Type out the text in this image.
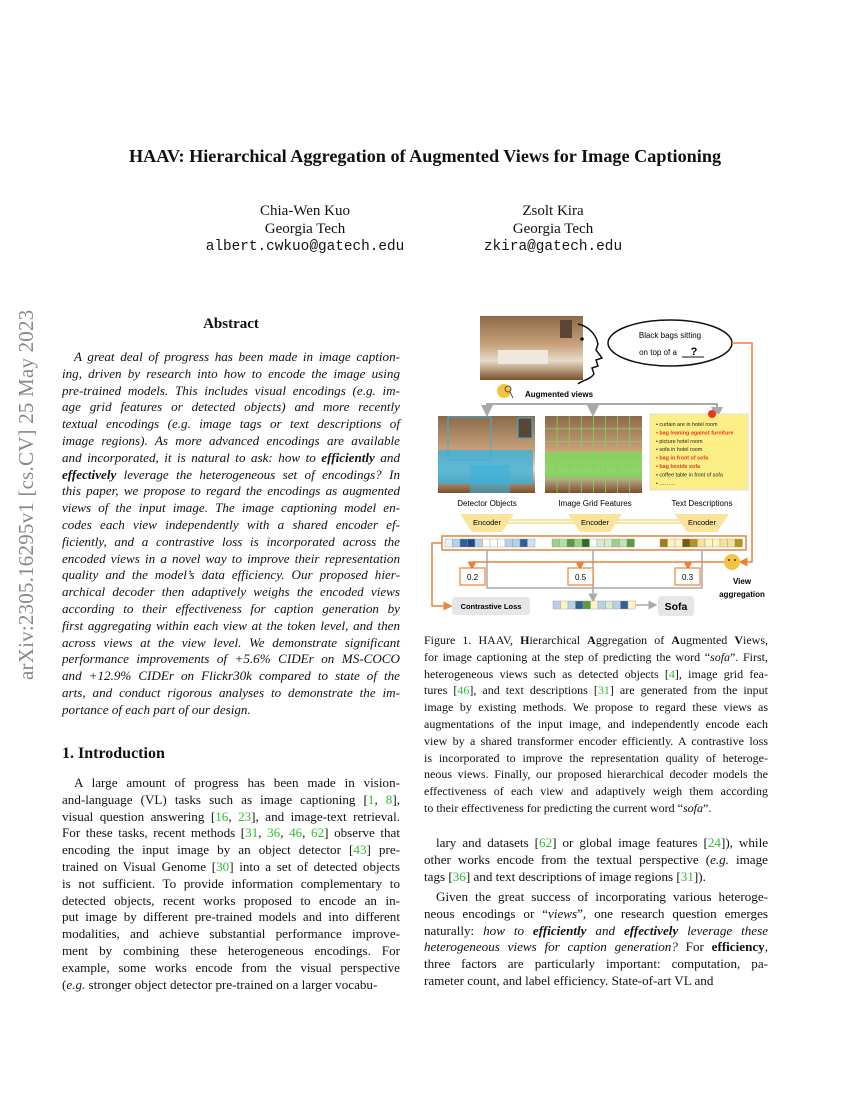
arXiv:2305.16295v1 [cs.CV] 25 May 2023
HAAV: Hierarchical Aggregation of Augmented Views for Image Captioning
Chia-Wen Kuo
Georgia Tech
albert.cwkuo@gatech.edu
Zsolt Kira
Georgia Tech
zkira@gatech.edu
Abstract
A great deal of progress has been made in image caption-
ing, driven by research into how to encode the image using
pre-trained models. This includes visual encodings (e.g. im-
age grid features or detected objects) and more recently
textual encodings (e.g. image tags or text descriptions of
image regions). As more advanced encodings are available
and incorporated, it is natural to ask: how to efficiently and
effectively leverage the heterogeneous set of encodings? In
this paper, we propose to regard the encodings as augmented
views of the input image. The image captioning model en-
codes each view independently with a shared encoder ef-
ficiently, and a contrastive loss is incorporated across the
encoded views in a novel way to improve their representation
quality and the model’s data efficiency. Our proposed hier-
archical decoder then adaptively weighs the encoded views
according to their effectiveness for caption generation by
first aggregating within each view at the token level, and then
across views at the view level. We demonstrate significant
performance improvements of +5.6% CIDEr on MS-COCO
and +12.9% CIDEr on Flickr30k compared to state of the
arts, and conduct rigorous analyses to demonstrate the im-
portance of each part of our design.
1. Introduction
A large amount of progress has been made in vision-
and-language (VL) tasks such as image captioning [1, 8],
visual question answering [16, 23], and image-text retrieval.
For these tasks, recent methods [31, 36, 46, 62] observe that
encoding the input image by an object detector [43] pre-
trained on Visual Genome [30] into a set of detected objects
is not sufficient. To provide information complementary to
detected objects, recent works proposed to encode an in-
put image by different pre-trained models and into different
modalities, and achieve substantial performance improve-
ment by combining these heterogeneous encodings. For
example, some works encode from the visual perspective
(e.g. stronger object detector pre-trained on a larger vocabu-
Black bags sitting
on top of a ?
Augmented views
• curtain are in hotel room
• bag leaning against furniture
• picture hotel room
• sofa in hotel room
• bag in front of sofa
• bag beside sofa
• coffee table in front of sofa
• ………
Detector Objects	Image Grid Features	Text Descriptions
Encoder	Encoder	Encoder
0.2	0.5	0.3	View
aggregation
Contrastive Loss	Sofa
Figure 1. HAAV, Hierarchical Aggregation of Augmented Views,
for image captioning at the step of predicting the word “sofa”. First,
heterogeneous views such as detected objects [4], image grid fea-
tures [46], and text descriptions [31] are generated from the input
image by existing methods. We propose to regard these views as
augmentations of the input image, and independently encode each
view by a shared transformer encoder efficiently. A contrastive loss
is incorporated to improve the representation quality of heteroge-
neous views. Finally, our proposed hierarchical decoder models the
effectiveness of each view and adaptively weigh them according
to their effectiveness for predicting the current word “sofa”.
lary and datasets [62] or global image features [24]), while
other works encode from the textual perspective (e.g. image
tags [36] and text descriptions of image regions [31]).
Given the great success of incorporating various heteroge-
neous encodings or “views”, one research question emerges
naturally: how to efficiently and effectively leverage these
heterogeneous views for caption generation? For efficiency,
three factors are particularly important: computation, pa-
rameter count, and label efficiency. State-of-art VL and
